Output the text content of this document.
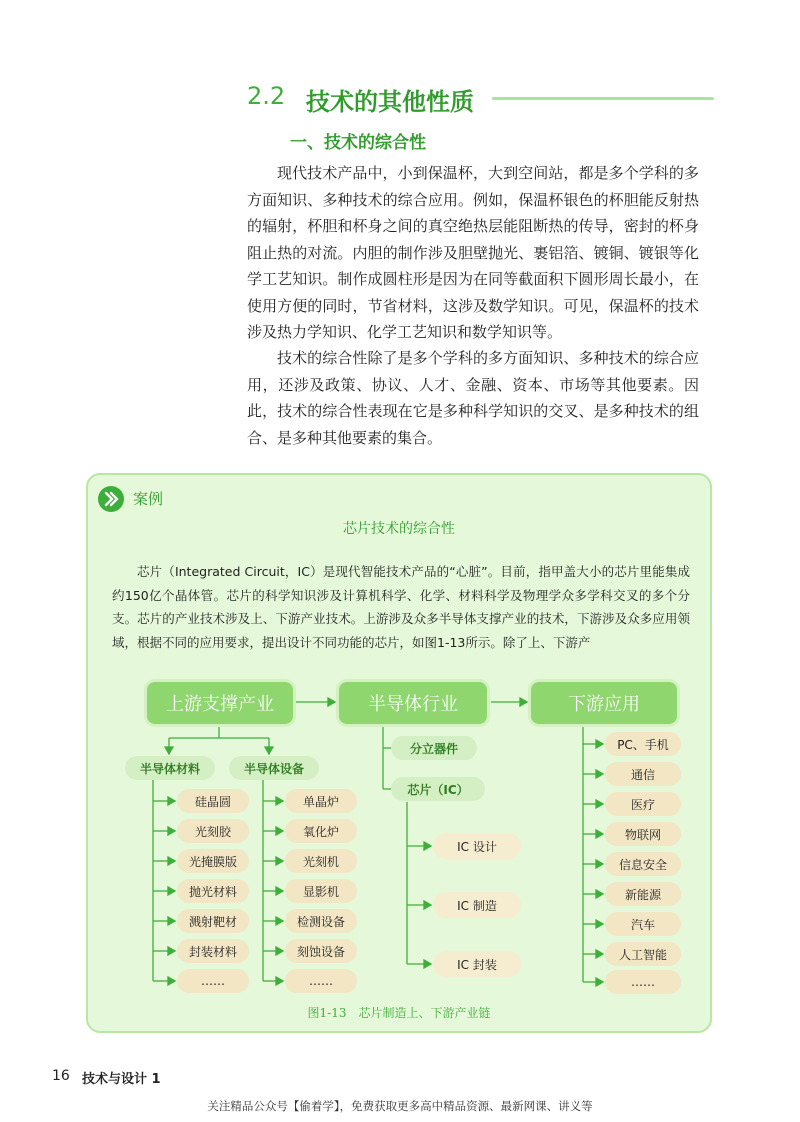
2.2 技术的其他性质
一、技术的综合性

现代技术产品中，小到保温杯，大到空间站，都是多个学科的多方面知识、多种技术的综合应用。例如，保温杯银色的杯胆能反射热的辐射，杯胆和杯身之间的真空绝热层能阻断热的传导，密封的杯身阻止热的对流。内胆的制作涉及胆壁抛光、裹铝箔、镀铜、镀银等化学工艺知识。制作成圆柱形是因为在同等截面积下圆形周长最小，在使用方便的同时，节省材料，这涉及数学知识。可见，保温杯的技术涉及热力学知识、化学工艺知识和数学知识等。

技术的综合性除了是多个学科的多方面知识、多种技术的综合应用，还涉及政策、协议、人才、金融、资本、市场等其他要素。因此，技术的综合性表现在它是多种科学知识的交叉、是多种技术的组合、是多种其他要素的集合。

案例
芯片技术的综合性

芯片（Integrated Circuit，IC）是现代智能技术产品的“心脏”。目前，指甲盖大小的芯片里能集成约150亿个晶体管。芯片的科学知识涉及计算机科学、化学、材料科学及物理学众多学科交叉的多个分支。芯片的产业技术涉及上、下游产业技术。上游涉及众多半导体支撑产业的技术，下游涉及众多应用领域，根据不同的应用要求，提出设计不同功能的芯片，如图1-13所示。除了上、下游产

上游支撑产业	半导体行业	下游应用
半导体材料	半导体设备
硅晶圆
光刻胶
光掩膜版
抛光材料
溅射靶材
封装材料
……
单晶炉
氧化炉
光刻机
显影机
检测设备
刻蚀设备
……
分立器件
芯片（IC）
IC 设计
IC 制造
IC 封装
PC、手机
通信
医疗
物联网
信息安全
新能源
汽车
人工智能
……
图1-13　芯片制造上、下游产业链
16 技术与设计 1
关注精品公众号【偷着学】，免费获取更多高中精品资源、最新网课、讲义等
